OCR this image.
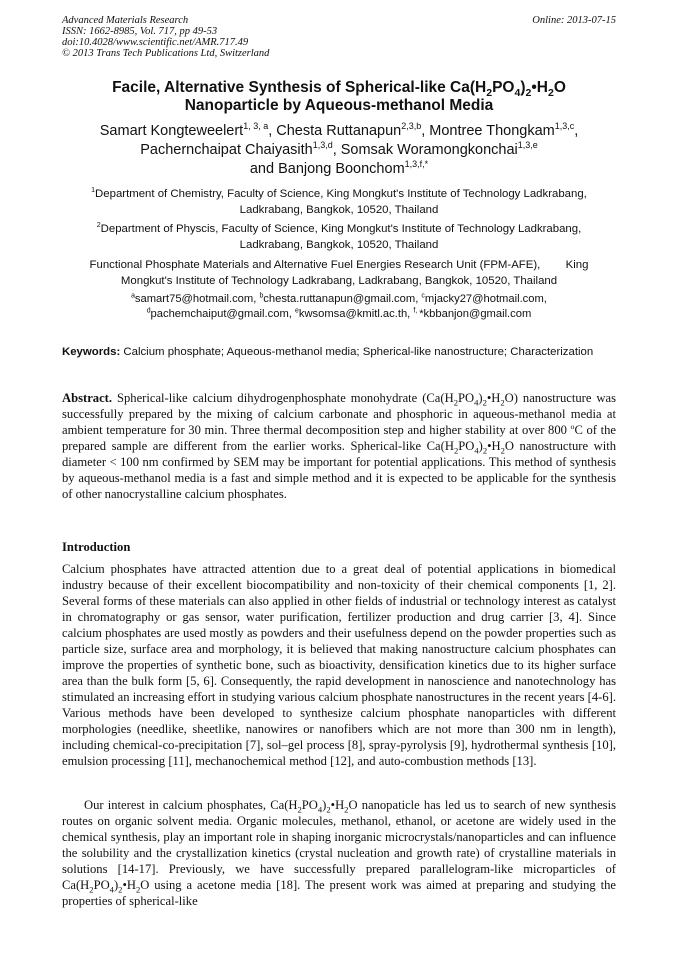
Advanced Materials Research
ISSN: 1662-8985, Vol. 717, pp 49-53
doi:10.4028/www.scientific.net/AMR.717.49
© 2013 Trans Tech Publications Ltd, Switzerland
Online: 2013-07-15
Facile, Alternative Synthesis of Spherical-like $Ca(H_2PO_4)_2•H_2O$
Nanoparticle by Aqueous-methanol Media
Samart Kongteweelert$^{1, 3, a}$, Chesta Ruttanapun$^{2,3,b}$, Montree Thongkam$^{1,3,c}$,
Pachernchaipat Chaiyasith$^{1,3,d}$, Somsak Woramongkonchai$^{1,3,e}$
and Banjong Boonchom$^{1,3,f,*}$
$^1$Department of Chemistry, Faculty of Science, King Mongkut's Institute of Technology Ladkrabang,
Ladkrabang, Bangkok, 10520, Thailand
$^2$Department of Physcis, Faculty of Science, King Mongkut's Institute of Technology Ladkrabang,
Ladkrabang, Bangkok, 10520, Thailand
Functional Phosphate Materials and Alternative Fuel Energies Research Unit (FPM-AFE),        King
Mongkut's Institute of Technology Ladkrabang, Ladkrabang, Bangkok, 10520, Thailand
$^a$samart75@hotmail.com, $^b$chesta.ruttanapun@gmail.com, $^c$mjacky27@hotmail.com,
$^d$pachemchaiput@gmail.com, $^e$kwsomsa@kmitl.ac.th, $^{f,}$ *kbbanjon@gmail.com
Keywords: Calcium phosphate; Aqueous-methanol media; Spherical-like nanostructure; Characterization
Abstract. Spherical-like calcium dihydrogenphosphate monohydrate $(Ca(H_2PO_4)_2•H_2O)$ nanostructure was successfully prepared by the mixing of calcium carbonate and phosphoric in aqueous-methanol media at ambient temperature for 30 min. Three thermal decomposition step and higher stability at over 800 $^o$C of the prepared sample are different from the earlier works. Spherical-like $Ca(H_2PO_4)_2•H_2O$ nanostructure with diameter < 100 nm confirmed by SEM may be important for potential applications. This method of synthesis by aqueous-methanol media is a fast and simple method and it is expected to be applicable for the synthesis of other nanocrystalline calcium phosphates.
Introduction
Calcium phosphates have attracted attention due to a great deal of potential applications in biomedical industry because of their excellent biocompatibility and non-toxicity of their chemical components [1, 2]. Several forms of these materials can also applied in other fields of industrial or technology interest as catalyst in chromatography or gas sensor, water purification, fertilizer production and drug carrier [3, 4]. Since calcium phosphates are used mostly as powders and their usefulness depend on the powder properties such as particle size, surface area and morphology, it is believed that making nanostructure calcium phosphates can improve the properties of synthetic bone, such as bioactivity, densification kinetics due to its higher surface area than the bulk form [5, 6]. Consequently, the rapid development in nanoscience and nanotechnology has stimulated an increasing effort in studying various calcium phosphate nanostructures in the recent years [4-6]. Various methods have been developed to synthesize calcium phosphate nanoparticles with different morphologies (needlike, sheetlike, nanowires or nanofibers which are not more than 300 nm in length), including chemical-co-precipitation [7], sol–gel process [8], spray-pyrolysis [9], hydrothermal synthesis [10], emulsion processing [11], mechanochemical method [12], and auto-combustion methods [13].
Our interest in calcium phosphates, $Ca(H_2PO_4)_2•H_2O$ nanopaticle has led us to search of new synthesis routes on organic solvent media. Organic molecules, methanol, ethanol, or acetone are widely used in the chemical synthesis, play an important role in shaping inorganic microcrystals/nanoparticles and can influence the solubility and the crystallization kinetics (crystal nucleation and growth rate) of crystalline materials in solutions [14-17]. Previously, we have successfully prepared parallelogram-like microparticles of $Ca(H_2PO_4)_2•H_2O$ using a acetone media [18]. The present work was aimed at preparing and studying the properties of spherical-like
